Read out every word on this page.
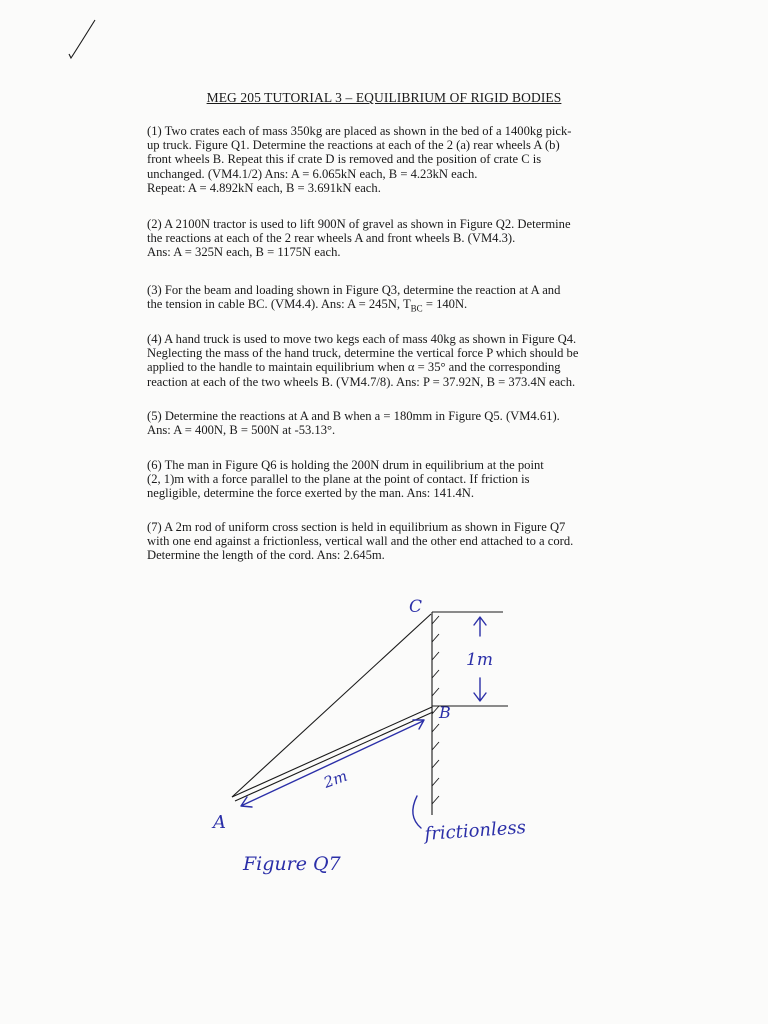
MEG 205 TUTORIAL 3 – EQUILIBRIUM OF RIGID BODIES

(1) Two crates each of mass 350kg are placed as shown in the bed of a 1400kg pick-

up truck. Figure Q1. Determine the reactions at each of the 2 (a) rear wheels A (b)

front wheels B. Repeat this if crate D is removed and the position of crate C is

unchanged. (VM4.1/2) Ans: A = 6.065kN each, B = 4.23kN each.

Repeat: A = 4.892kN each, B = 3.691kN each.

(2) A 2100N tractor is used to lift 900N of gravel as shown in Figure Q2. Determine

the reactions at each of the 2 rear wheels A and front wheels B. (VM4.3).

Ans: A = 325N each, B = 1175N each.

(3) For the beam and loading shown in Figure Q3, determine the reaction at A and

the tension in cable BC. (VM4.4). Ans: A = 245N, $T_{BC} = 140N$.

(4) A hand truck is used to move two kegs each of mass 40kg as shown in Figure Q4.

Neglecting the mass of the hand truck, determine the vertical force P which should be

applied to the handle to maintain equilibrium when α = 35° and the corresponding

reaction at each of the two wheels B. (VM4.7/8). Ans: P = 37.92N, B = 373.4N each.

(5) Determine the reactions at A and B when a = 180mm in Figure Q5. (VM4.61).

Ans: A = 400N, B = 500N at -53.13°.

(6) The man in Figure Q6 is holding the 200N drum in equilibrium at the point

(2, 1)m with a force parallel to the plane at the point of contact. If friction is

negligible, determine the force exerted by the man. Ans: 141.4N.

(7) A 2m rod of uniform cross section is held in equilibrium as shown in Figure Q7

with one end against a frictionless, vertical wall and the other end attached to a cord.

Determine the length of the cord. Ans: 2.645m.

1m
2m
C
B
A	frictionless
Figure Q7
